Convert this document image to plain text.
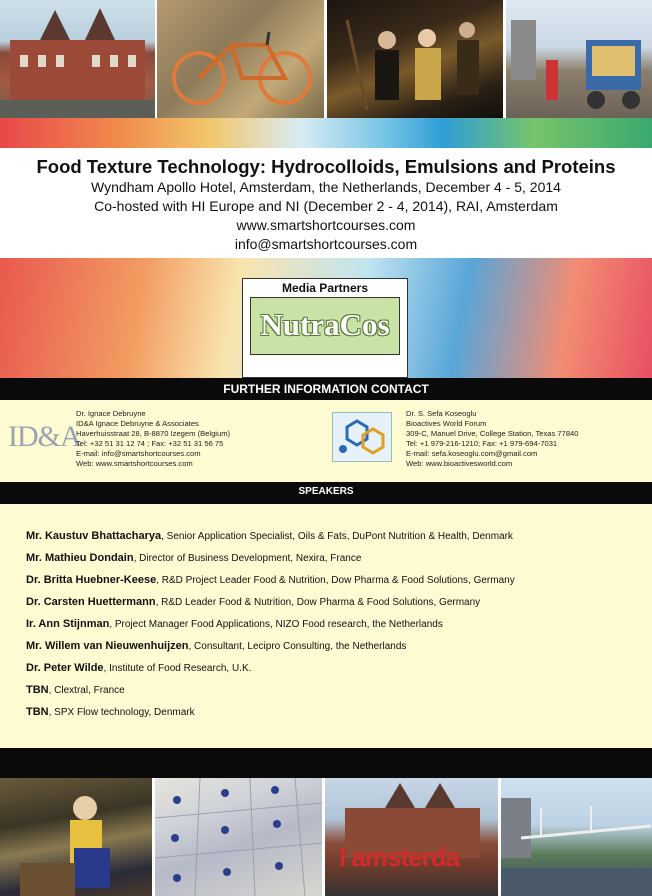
Food Texture Technology: Hydrocolloids, Emulsions and Proteins
Wyndham Apollo Hotel, Amsterdam, the Netherlands, December 4 - 5, 2014
Co-hosted with HI Europe and NI (December 2 - 4, 2014), RAI, Amsterdam
www.smartshortcourses.com
info@smartshortcourses.com
Media Partners
NutraCos
FURTHER INFORMATION CONTACT
ID&A
Dr. Ignace Debruyne
ID&A Ignace Debruyne & Associates
Haverhuisstraat 28, B-8870 Izegem (Belgium)
Tel: +32 51 31 12 74 ; Fax: +32 51 31 56 75
E-mail: info@smartshortcourses.com
Web: www.smartshortcourses.com
Dr. S. Sefa Koseoglu
Bioactives World Forum
309-C, Manuel Drive, College Station, Texas 77840
Tel: +1 979-216-1210; Fax: +1 979-694-7031
E-mail: sefa.koseoglu.com@gmail.com
Web: www.bioactivesworld.com
SPEAKERS
Mr. Kaustuv Bhattacharya, Senior Application Specialist, Oils & Fats, DuPont Nutrition & Health, Denmark
Mr. Mathieu Dondain, Director of Business Development, Nexira, France
Dr. Britta Huebner-Keese, R&D Project Leader Food & Nutrition, Dow Pharma & Food Solutions, Germany
Dr. Carsten Huettermann, R&D Leader Food & Nutrition, Dow Pharma & Food Solutions, Germany
Ir. Ann Stijnman, Project Manager Food Applications, NIZO Food research, the Netherlands
Mr. Willem van Nieuwenhuijzen, Consultant, Lecipro Consulting, the Netherlands
Dr. Peter Wilde, Institute of Food Research, U.K.
TBN, Clextral, France
TBN, SPX Flow technology, Denmark
I amsterda
